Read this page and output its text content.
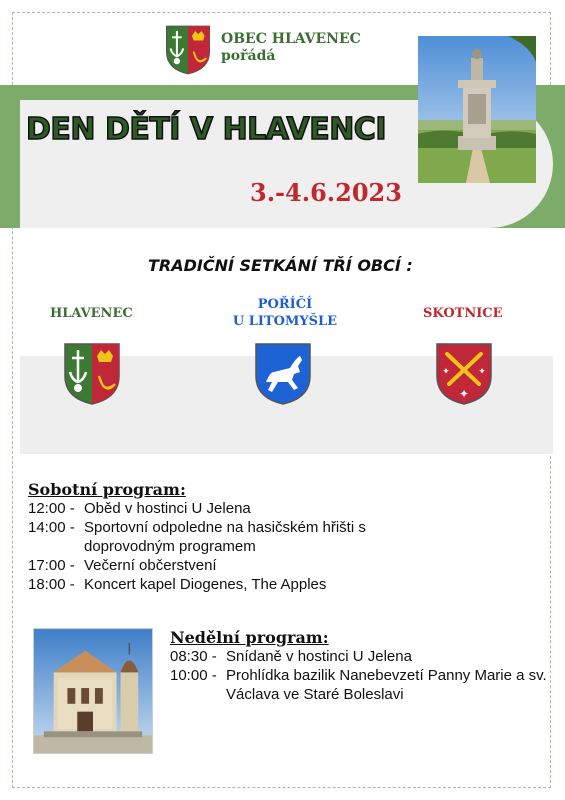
OBEC HLAVENEC
pořádá
DEN DĚTÍ V HLAVENCI
3.-4.6.2023
TRADIČNÍ SETKÁNÍ TŘÍ OBCÍ :
HLAVENEC
POŘÍČÍ
U LITOMYŠLE
SKOTNICE
✦
✦	✦
Sobotní program:
12:00 - Oběd v hostinci U Jelena
14:00 - Sportovní odpoledne na hasičském hřišti s doprovodným programem
17:00 - Večerní občerstvení
18:00 - Koncert kapel Diogenes, The Apples
Nedělní program:
08:30 - Snídaně v hostinci U Jelena
10:00 - Prohlídka bazilik Nanebevzetí Panny Marie a sv. Václava ve Staré Boleslavi
